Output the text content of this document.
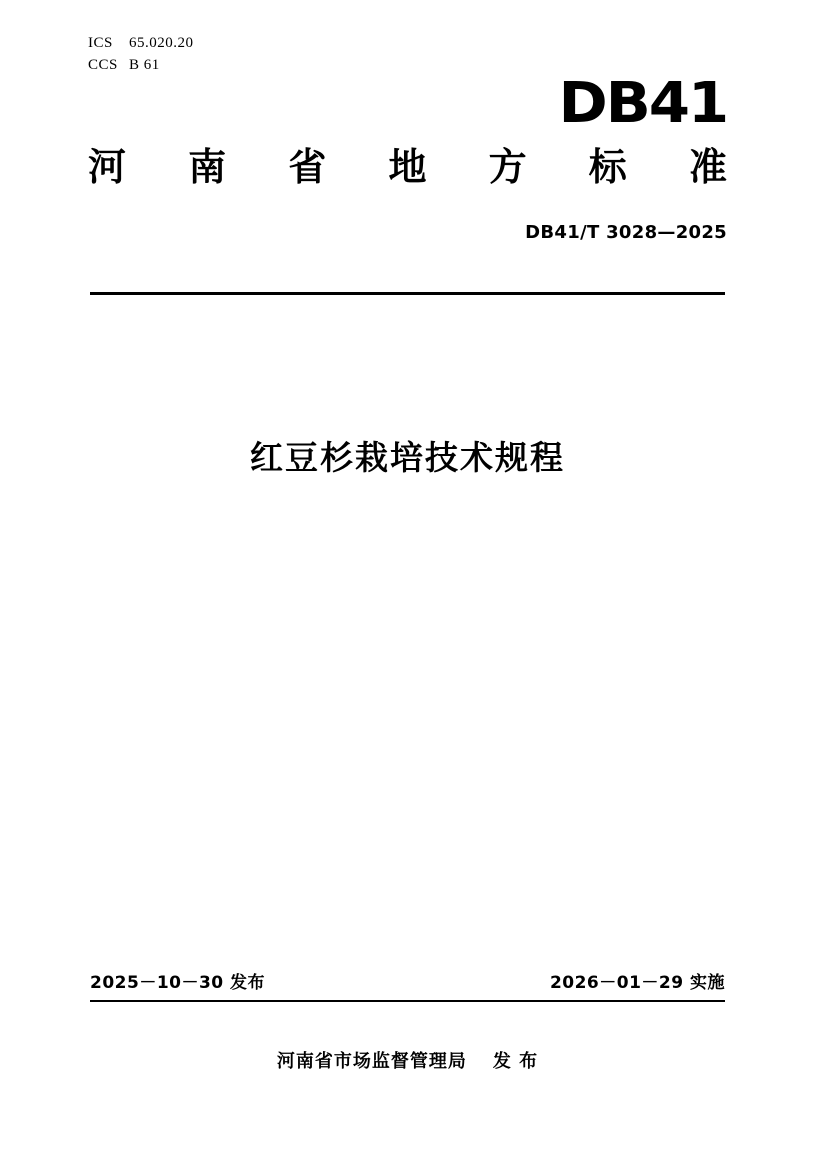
ICS 65.020.20
CCS B 61
DB41
河 南 省 地 方 标 准
DB41/T 3028—2025
红豆杉栽培技术规程
2025－10－30 发布	2026－01－29 实施
河南省市场监督管理局 发 布
